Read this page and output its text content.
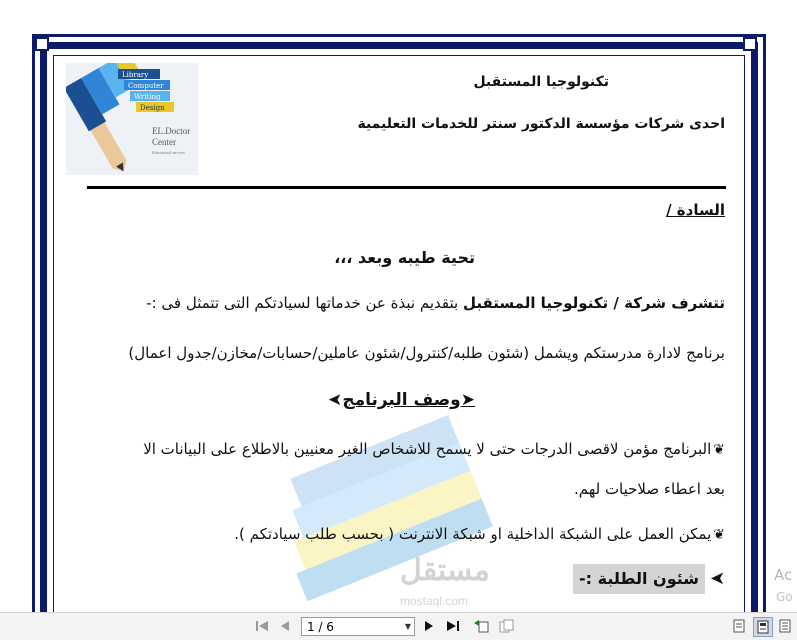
مستقل
mostaql.com
Library
Computer
Writing
Design
EL.Doctor
Center
Educational services
تكنولوجيا المستقبل
احدى شركات مؤسسة الدكتور سنتر للخدمات التعليمية
السادة /
تحية طيبه وبعد ،،،
تتشرف شركة / تكنولوجيا المستقبل بتقديم نبذة عن خدماتها لسيادتكم التى تتمثل فى :-
برنامج لادارة مدرستكم ويشمل (شئون طلبه/كنترول/شئون عاملين/حسابات/مخازن/جدول اعمال)
➤وصف البرنامج➤
❦البرنامج مؤمن لاقصى الدرجات حتى لا يسمح للاشخاص الغير معنيين بالاطلاع على البيانات الا
بعد اعطاء صلاحيات لهم.
❦يمكن العمل على الشبكة الداخلية او شبكة الانترنت ( بحسب طلب سيادتكم ).
➤
شئون الطلبة :-	Ac
Go
1 / 6	▼
